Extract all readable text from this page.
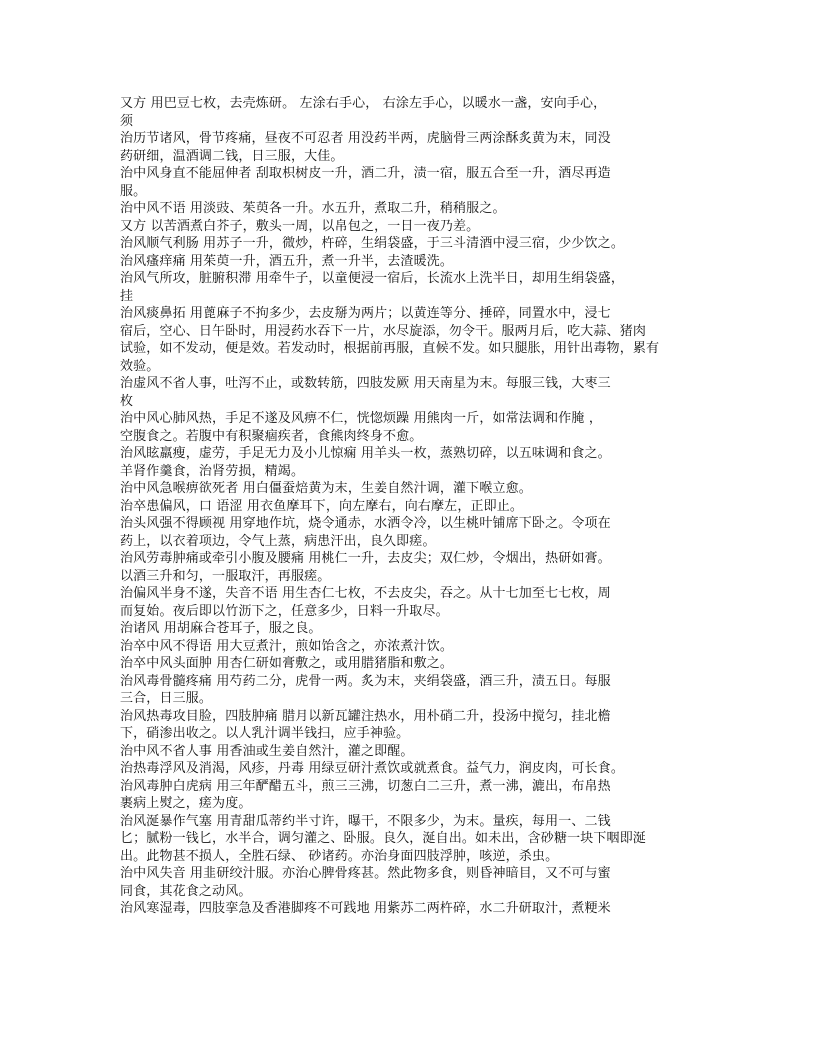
又方 用巴豆七枚，去壳炼研。 左涂右手心， 右涂左手心，以暖水一盏，安向手心，
须
治历节诸风，骨节疼痛，昼夜不可忍者 用没药半两，虎脑骨三两涂酥炙黄为末，同没
药研细，温酒调二钱，日三服，大佳。
治中风身直不能屈伸者 刮取枳树皮一升，酒二升，渍一宿，服五合至一升，酒尽再造
服。
治中风不语 用淡豉、茱萸各一升。水五升，煮取二升，稍稍服之。
又方 以苦酒煮白芥子，敷头一周，以帛包之，一日一夜乃差。
治风顺气利肠 用苏子一升，微炒，杵碎，生绢袋盛，于三斗清酒中浸三宿，少少饮之。
治风瘙痒痛 用茱萸一升，酒五升，煮一升半，去渣暖洗。
治风气所攻，脏腑积滞 用牵牛子，以童便浸一宿后，长流水上洗半日，却用生绢袋盛，
挂
治风痰鼻拓 用蓖麻子不拘多少，去皮掰为两片；以黄连等分、捶碎，同置水中，浸七
宿后，空心、日午卧时，用浸药水吞下一片，水尽旋添，勿令干。服两月后，吃大蒜、猪肉
试验，如不发动，便是效。若发动时，根据前再服，直候不发。如只腿胀，用针出毒物，累有
效验。
治虚风不省人事，吐泻不止，或数转筋，四肢发厥 用天南星为末。每服三钱，大枣三
枚
治中风心肺风热，手足不遂及风痹不仁，恍惚烦躁 用熊肉一斤，如常法调和作腌 ，
空腹食之。若腹中有积聚痼疾者，食熊肉终身不愈。
治风眩羸瘦，虚劳，手足无力及小儿惊痫 用羊头一枚，蒸熟切碎，以五味调和食之。
羊肾作羹食，治肾劳损，精竭。
治中风急喉痹欲死者 用白僵蚕焙黄为末，生姜自然汁调，灌下喉立愈。
治卒患偏风，口 语涩 用衣鱼摩耳下，向左摩右，向右摩左，正即止。
治头风强不得顾视 用穿地作坑，烧令通赤，水洒令冷，以生桃叶铺席下卧之。令项在
药上，以衣着项边，令气上蒸，病患汗出，良久即瘥。
治风劳毒肿痛或牵引小腹及腰痛 用桃仁一升，去皮尖；双仁炒，令烟出，热研如膏。
以酒三升和匀，一服取汗，再服瘥。
治偏风半身不遂，失音不语 用生杏仁七枚，不去皮尖，吞之。从十七加至七七枚，周
而复始。夜后即以竹沥下之，任意多少，日料一升取尽。
治诸风 用胡麻合苍耳子，服之良。
治卒中风不得语 用大豆煮汁，煎如饴含之，亦浓煮汁饮。
治卒中风头面肿 用杏仁研如膏敷之，或用腊猪脂和敷之。
治风毒骨髓疼痛 用芍药二分，虎骨一两。炙为末，夹绢袋盛，酒三升，渍五日。每服
三合，日三服。
治风热毒攻目脸，四肢肿痛 腊月以新瓦罐注热水，用朴硝二升，投汤中搅匀，挂北檐
下，硝渗出收之。以人乳汁调半钱扫，应手神验。
治中风不省人事 用香油或生姜自然汁，灌之即醒。
治热毒浮风及消渴，风疹，丹毒 用绿豆研汁煮饮或就煮食。益气力，润皮肉，可长食。
治风毒肿白虎病 用三年酽醋五斗，煎三三沸，切葱白二三升，煮一沸，漉出，布帛热
裹病上熨之，瘥为度。
治风涎暴作气塞 用青甜瓜蒂约半寸许，曝干，不限多少，为末。量疾，每用一、二钱
匕；腻粉一钱匕，水半合，调匀灌之、卧服。良久，涎自出。如未出，含砂糖一块下咽即涎
出。此物甚不损人，全胜石绿、 砂诸药。亦治身面四肢浮肿，咳逆，杀虫。
治中风失音 用韭研绞汁服。亦治心脾骨疼甚。然此物多食，则昏神暗目，又不可与蜜
同食，其花食之动风。
治风寒湿毒，四肢挛急及香港脚疼不可践地 用紫苏二两杵碎，水二升研取汁，煮粳米
